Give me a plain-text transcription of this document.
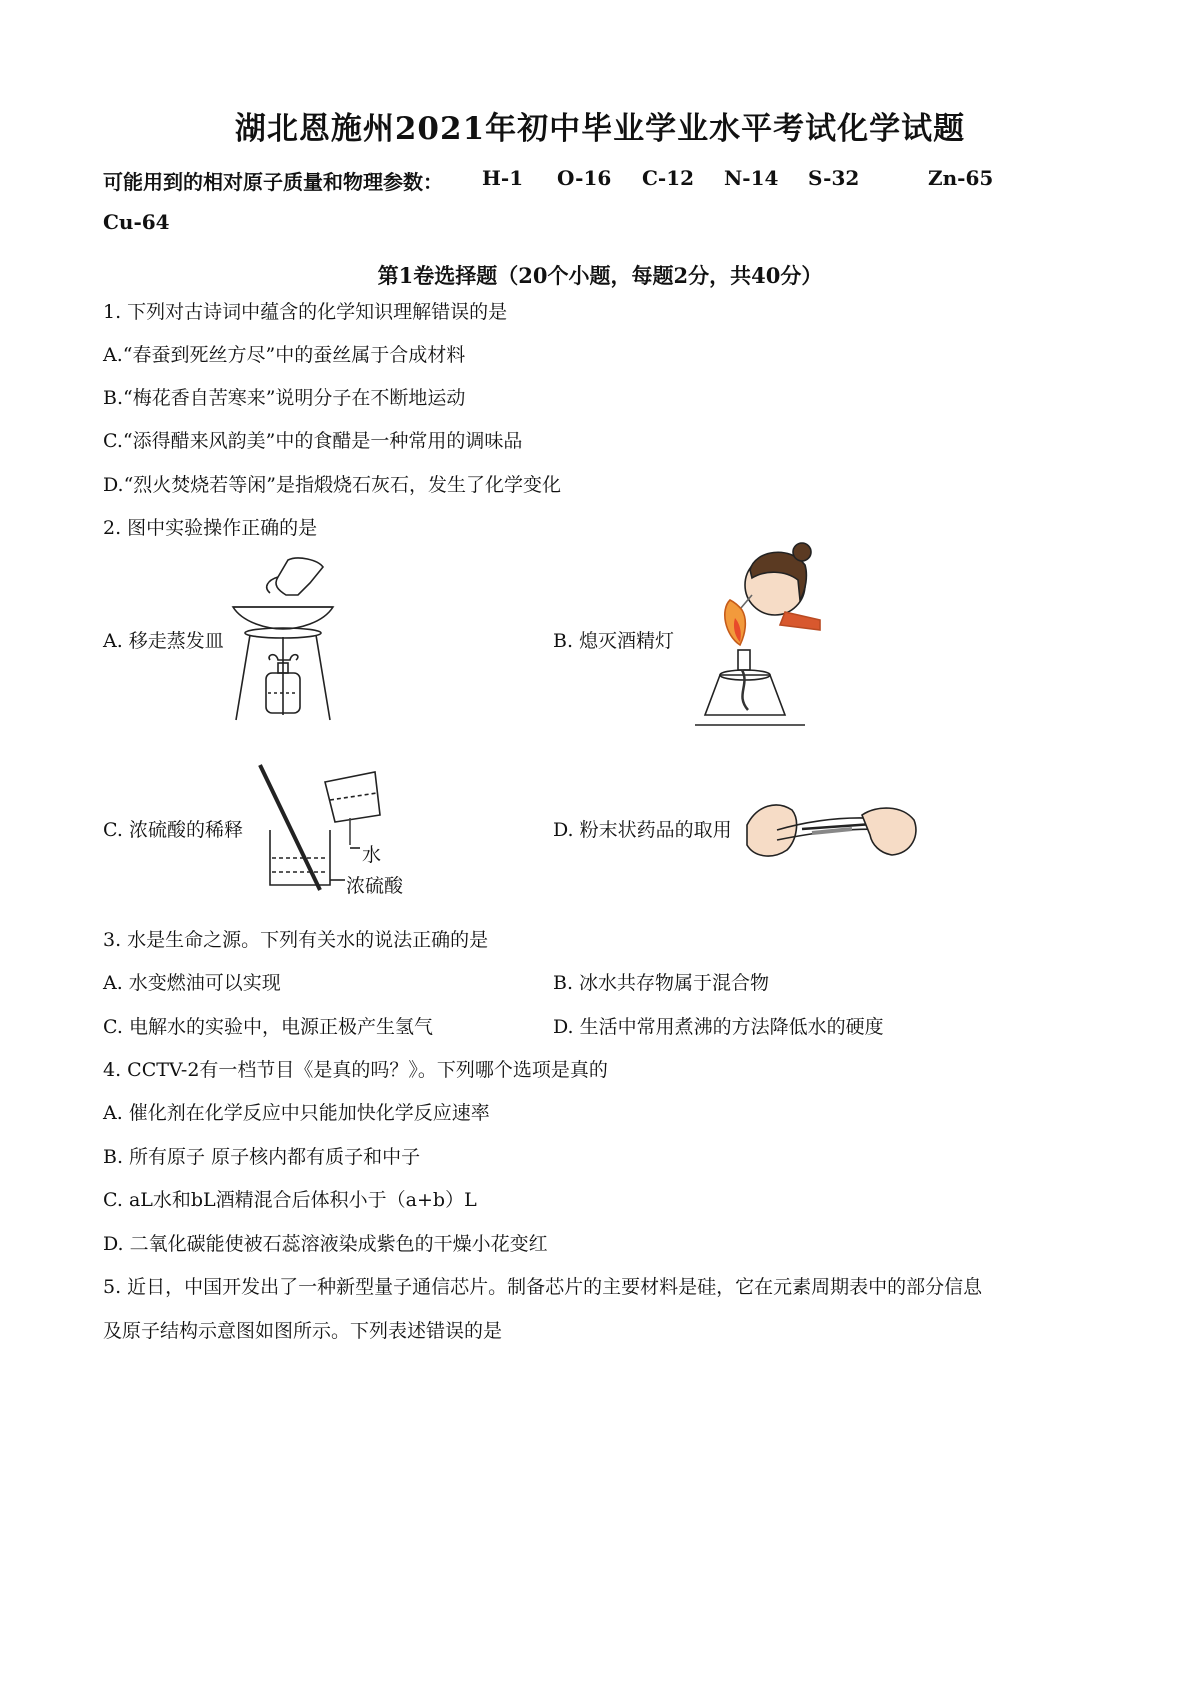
湖北恩施州2021年初中毕业学业水平考试化学试题
可能用到的相对原子质量和物理参数： H-1 O-16 C-12 N-14 S-32	Zn-65
Cu-64
第1卷选择题（20个小题，每题2分，共40分）
1. 下列对古诗词中蕴含的化学知识理解错误的是
A.“春蚕到死丝方尽”中的蚕丝属于合成材料
B.“梅花香自苦寒来”说明分子在不断地运动
C.“添得醋来风韵美”中的食醋是一种常用的调味品
D.“烈火焚烧若等闲”是指煅烧石灰石，发生了化学变化
2. 图中实验操作正确的是
A. 移走蒸发皿	B. 熄灭酒精灯
C. 浓硫酸的稀释	D. 粉末状药品的取用
水
浓硫酸
3. 水是生命之源。下列有关水的说法正确的是
A. 水变燃油可以实现	B. 冰水共存物属于混合物
C. 电解水的实验中，电源正极产生氢气	D. 生活中常用煮沸的方法降低水的硬度
4. CCTV-2有一档节目《是真的吗？》。下列哪个选项是真的
A. 催化剂在化学反应中只能加快化学反应速率
B. 所有原子 原子核内都有质子和中子
C. aL水和bL酒精混合后体积小于（a+b）L
D. 二氧化碳能使被石蕊溶液染成紫色的干燥小花变红
5. 近日，中国开发出了一种新型量子通信芯片。制备芯片的主要材料是硅，它在元素周期表中的部分信息
及原子结构示意图如图所示。下列表述错误的是
